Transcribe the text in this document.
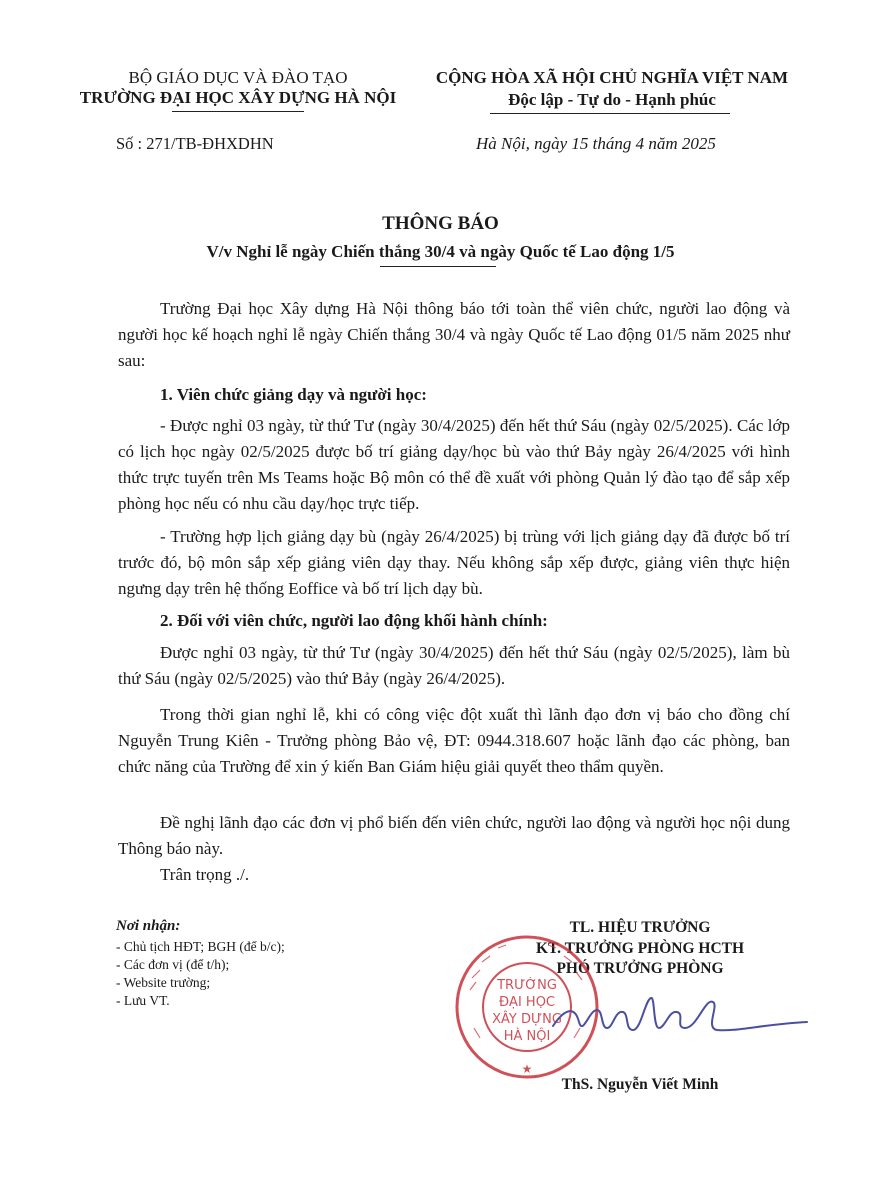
BỘ GIÁO DỤC VÀ ĐÀO TẠO
TRƯỜNG ĐẠI HỌC XÂY DỰNG HÀ NỘI
Số : 271/TB-ĐHXDHN
CỘNG HÒA XÃ HỘI CHỦ NGHĨA VIỆT NAM
Độc lập - Tự do - Hạnh phúc
Hà Nội, ngày 15 tháng 4 năm 2025
THÔNG BÁO
V/v Nghỉ lễ ngày Chiến thắng 30/4 và ngày Quốc tế Lao động 1/5

Trường Đại học Xây dựng Hà Nội thông báo tới toàn thể viên chức, người lao động và người học kế hoạch nghỉ lễ ngày Chiến thắng 30/4 và ngày Quốc tế Lao động 01/5 năm 2025 như sau:

1. Viên chức giảng dạy và người học:

- Được nghỉ 03 ngày, từ thứ Tư (ngày 30/4/2025) đến hết thứ Sáu (ngày 02/5/2025). Các lớp có lịch học ngày 02/5/2025 được bố trí giảng dạy/học bù vào thứ Bảy ngày 26/4/2025 với hình thức trực tuyến trên Ms Teams hoặc Bộ môn có thể đề xuất với phòng Quản lý đào tạo để sắp xếp phòng học nếu có nhu cầu dạy/học trực tiếp.

- Trường hợp lịch giảng dạy bù (ngày 26/4/2025) bị trùng với lịch giảng dạy đã được bố trí trước đó, bộ môn sắp xếp giảng viên dạy thay. Nếu không sắp xếp được, giảng viên thực hiện ngưng dạy trên hệ thống Eoffice và bố trí lịch dạy bù.

2. Đối với viên chức, người lao động khối hành chính:

Được nghỉ 03 ngày, từ thứ Tư (ngày 30/4/2025) đến hết thứ Sáu (ngày 02/5/2025), làm bù thứ Sáu (ngày 02/5/2025) vào thứ Bảy (ngày 26/4/2025).

Trong thời gian nghỉ lễ, khi có công việc đột xuất thì lãnh đạo đơn vị báo cho đồng chí Nguyễn Trung Kiên - Trưởng phòng Bảo vệ, ĐT: 0944.318.607 hoặc lãnh đạo các phòng, ban chức năng của Trường để xin ý kiến Ban Giám hiệu giải quyết theo thẩm quyền.

Đề nghị lãnh đạo các đơn vị phổ biến đến viên chức, người lao động và người học nội dung Thông báo này.

Trân trọng ./.
Nơi nhận:
- Chủ tịch HĐT; BGH (để b/c);
- Các đơn vị (để t/h);
- Website trường;
- Lưu VT.
TL. HIỆU TRƯỞNG
KT. TRƯỞNG PHÒNG HCTH
PHÓ TRƯỞNG PHÒNG
TRƯỜNG
ĐẠI HỌC
XÂY DỰNG
HÀ NỘI
★
ThS. Nguyễn Viết Minh
